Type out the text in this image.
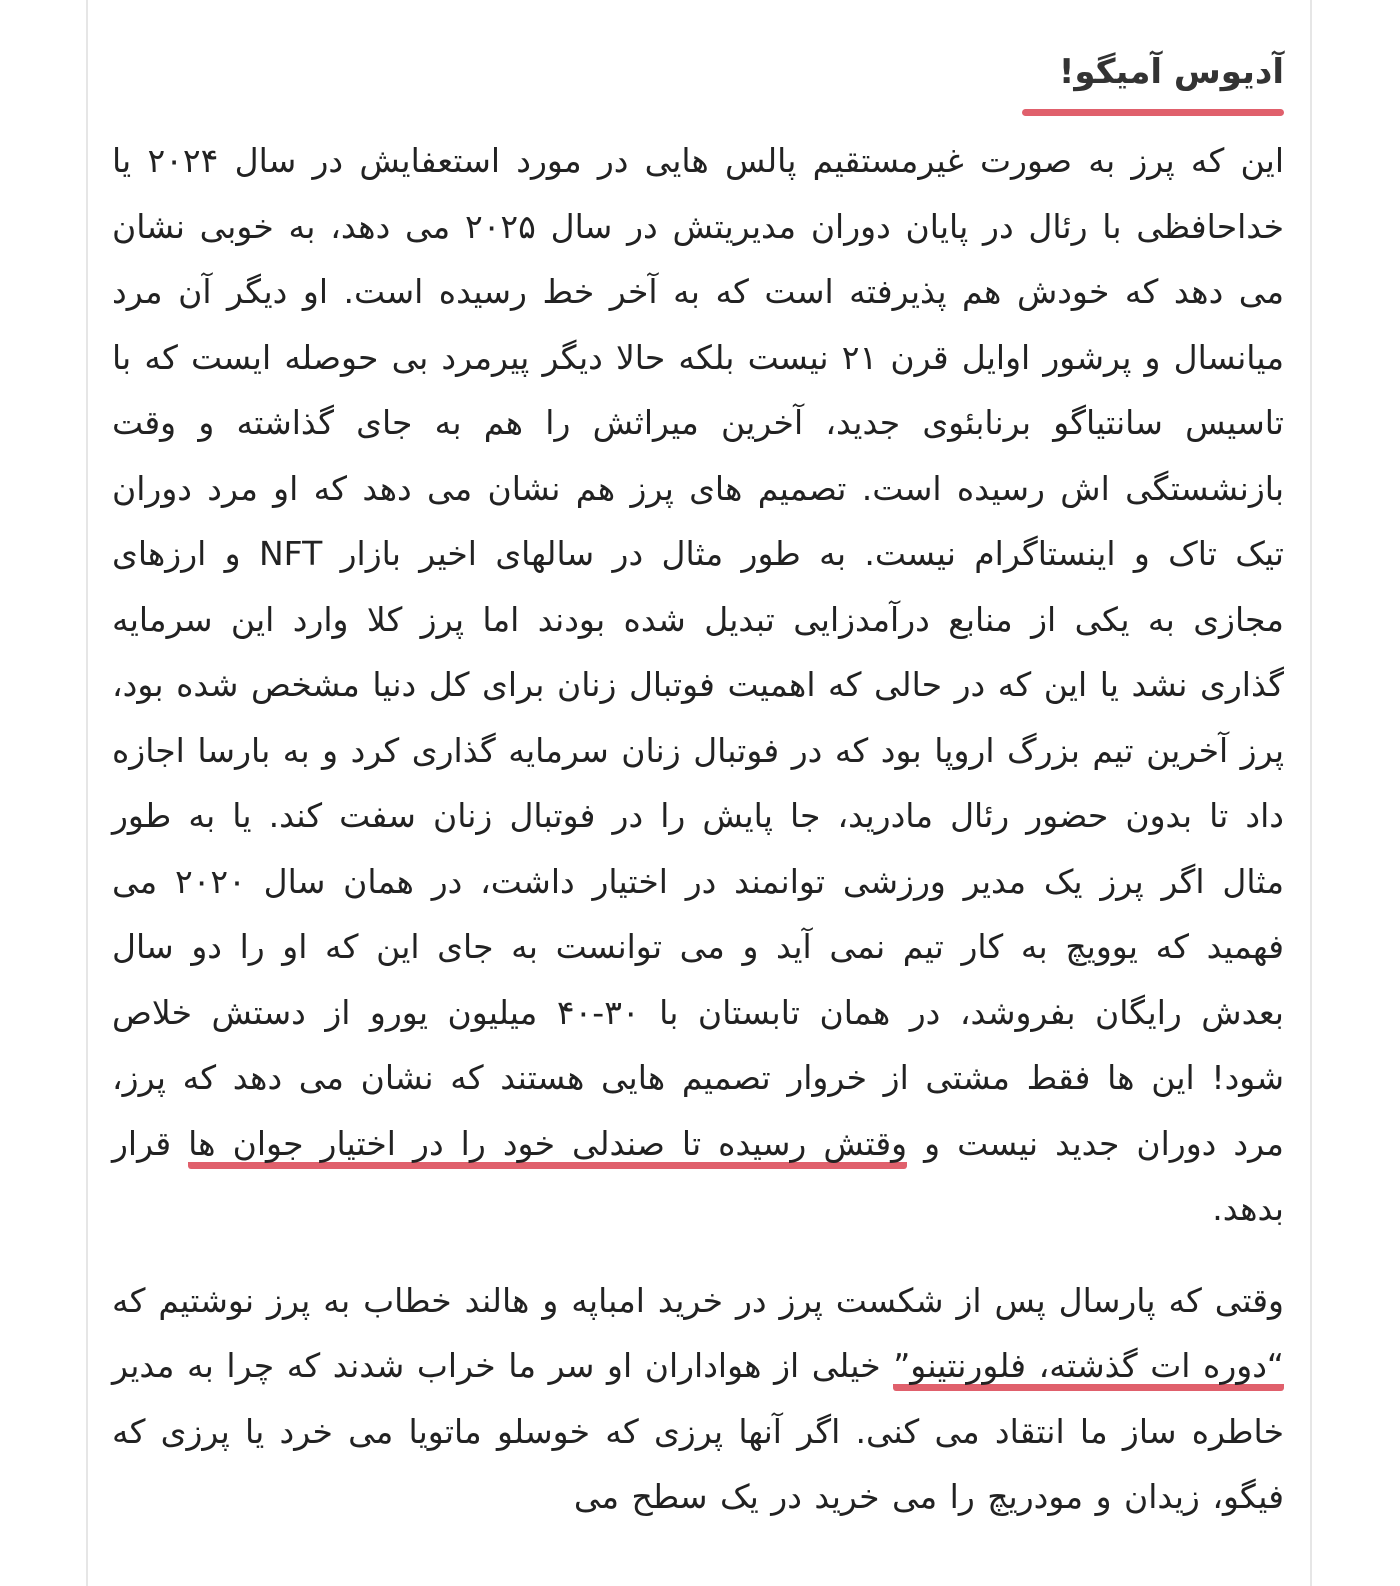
آدیوس آمیگو!

این که پرز به صورت غیرمستقیم پالس هایی در مورد استعفایش در سال ۲۰۲۴ یا خداحافظی با رئال در پایان دوران مدیریتش در سال ۲۰۲۵ می دهد، به خوبی نشان می دهد که خودش هم پذیرفته است که به آخر خط رسیده است. او دیگر آن مرد میانسال و پرشور اوایل قرن ۲۱ نیست بلکه حالا دیگر پیرمرد بی حوصله ایست که با تاسیس سانتیاگو برنابئوی جدید، آخرین میراثش را هم به جای گذاشته و وقت بازنشستگی اش رسیده است. تصمیم های پرز هم نشان می دهد که او مرد دوران تیک تاک و اینستاگرام نیست. به طور مثال در سالهای اخیر بازار NFT و ارزهای مجازی به یکی از منابع درآمدزایی تبدیل شده بودند اما پرز کلا وارد این سرمایه گذاری نشد یا این که در حالی که اهمیت فوتبال زنان برای کل دنیا مشخص شده بود، پرز آخرین تیم بزرگ اروپا بود که در فوتبال زنان سرمایه گذاری کرد و به بارسا اجازه داد تا بدون حضور رئال مادرید، جا پایش را در فوتبال زنان سفت کند. یا به طور مثال اگر پرز یک مدیر ورزشی توانمند در اختیار داشت، در همان سال ۲۰۲۰ می فهمید که یوویچ به کار تیم نمی آید و می توانست به جای این که او را دو سال بعدش رایگان بفروشد، در همان تابستان با ۳۰-۴۰ میلیون یورو از دستش خلاص شود! این ها فقط مشتی از خروار تصمیم هایی هستند که نشان می دهد که پرز، مرد دوران جدید نیست و وقتش رسیده تا صندلی خود را در اختیار جوان ها قرار بدهد.

وقتی که پارسال پس از شکست پرز در خرید امباپه و هالند خطاب به پرز نوشتیم که “دوره ات گذشته، فلورنتینو” خیلی از هواداران او سر ما خراب شدند که چرا به مدیر خاطره ساز ما انتقاد می کنی. اگر آنها پرزی که خوسلو ماتویا می خرد یا پرزی که فیگو، زیدان و مودریچ را می خرید در یک سطح می
